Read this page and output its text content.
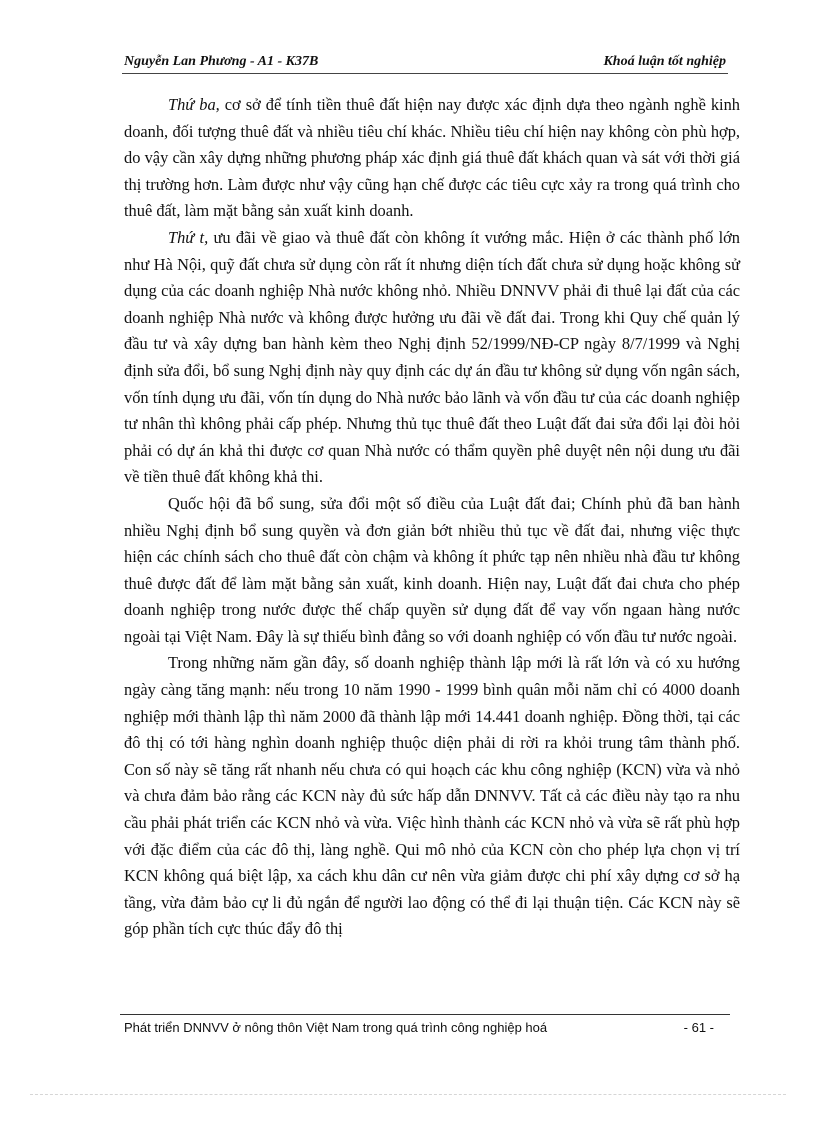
Nguyễn Lan Phương - A1 - K37B	Khoá luận tốt nghiệp

Thứ ba, cơ sở để tính tiền thuê đất hiện nay được xác định dựa theo ngành nghề kinh doanh, đối tượng thuê đất và nhiều tiêu chí khác. Nhiều tiêu chí hiện nay không còn phù hợp, do vậy cần xây dựng những phương pháp xác định giá thuê đất khách quan và sát với thời giá thị trường hơn. Làm được như vậy cũng hạn chế được các tiêu cực xảy ra trong quá trình cho thuê đất, làm mặt bằng sản xuất kinh doanh.

Thứ t, ưu đãi về giao và thuê đất còn không ít vướng mắc. Hiện ở các thành phố lớn như Hà Nội, quỹ đất chưa sử dụng còn rất ít nhưng diện tích đất chưa sử dụng hoặc không sử dụng của các doanh nghiệp Nhà nước không nhỏ. Nhiều DNNVV phải đi thuê lại đất của các doanh nghiệp Nhà nước và không được hưởng ưu đãi về đất đai. Trong khi Quy chế quản lý đầu tư và xây dựng ban hành kèm theo Nghị định 52/1999/NĐ-CP ngày 8/7/1999 và Nghị định sửa đổi, bổ sung Nghị định này quy định các dự án đầu tư không sử dụng vốn ngân sách, vốn tính dụng ưu đãi, vốn tín dụng do Nhà nước bảo lãnh và vốn đầu tư của các doanh nghiệp tư nhân thì không phải cấp phép. Nhưng thủ tục thuê đất theo Luật đất đai sửa đổi lại đòi hỏi phải có dự án khả thi được cơ quan Nhà nước có thẩm quyền phê duyệt nên nội dung ưu đãi về tiền thuê đất không khả thi.

Quốc hội đã bổ sung, sửa đổi một số điều của Luật đất đai; Chính phủ đã ban hành nhiều Nghị định bổ sung quyền và đơn giản bớt nhiều thủ tục về đất đai, nhưng việc thực hiện các chính sách cho thuê đất còn chậm và không ít phức tạp nên nhiều nhà đầu tư không thuê được đất để làm mặt bằng sản xuất, kinh doanh. Hiện nay, Luật đất đai chưa cho phép doanh nghiệp trong nước được thế chấp quyền sử dụng đất để vay vốn ngaan hàng nước ngoài tại Việt Nam. Đây là sự thiếu bình đẳng so với doanh nghiệp có vốn đầu tư nước ngoài.

Trong những năm gần đây, số doanh nghiệp thành lập mới là rất lớn và có xu hướng ngày càng tăng mạnh: nếu trong 10 năm 1990 - 1999 bình quân mỗi năm chỉ có 4000 doanh nghiệp mới thành lập thì năm 2000 đã thành lập mới 14.441 doanh nghiệp. Đồng thời, tại các đô thị có tới hàng nghìn doanh nghiệp thuộc diện phải di rời ra khỏi trung tâm thành phố. Con số này sẽ tăng rất nhanh nếu chưa có qui hoạch các khu công nghiệp (KCN) vừa và nhỏ và chưa đảm bảo rằng các KCN này đủ sức hấp dẫn DNNVV. Tất cả các điều này tạo ra nhu cầu phải phát triển các KCN nhỏ và vừa. Việc hình thành các KCN nhỏ và vừa sẽ rất phù hợp với đặc điểm của các đô thị, làng nghề. Qui mô nhỏ của KCN còn cho phép lựa chọn vị trí KCN không quá biệt lập, xa cách khu dân cư nên vừa giảm được chi phí xây dựng cơ sở hạ tầng, vừa đảm bảo cự li đủ ngắn để người lao động có thể đi lại thuận tiện. Các KCN này sẽ góp phần tích cực thúc đẩy đô thị

Phát triển DNNVV ở nông thôn Việt Nam trong quá trình công nghiệp hoá	- 61 -
